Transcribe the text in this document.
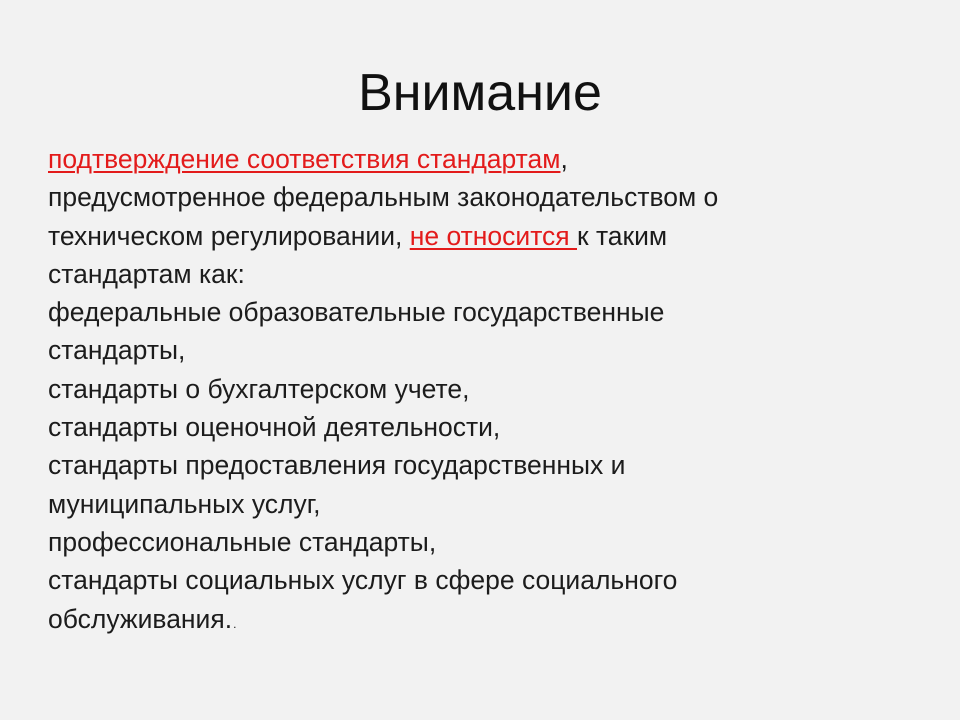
Внимание
подтверждение соответствия стандартам,
предусмотренное федеральным законодательством о
техническом регулировании, не относится к таким
стандартам как:
федеральные образовательные государственные
стандарты,
стандарты о бухгалтерском учете,
стандарты оценочной деятельности,
стандарты предоставления государственных и
муниципальных услуг,
профессиональные стандарты,
стандарты социальных услуг в сфере социального
обслуживания..
